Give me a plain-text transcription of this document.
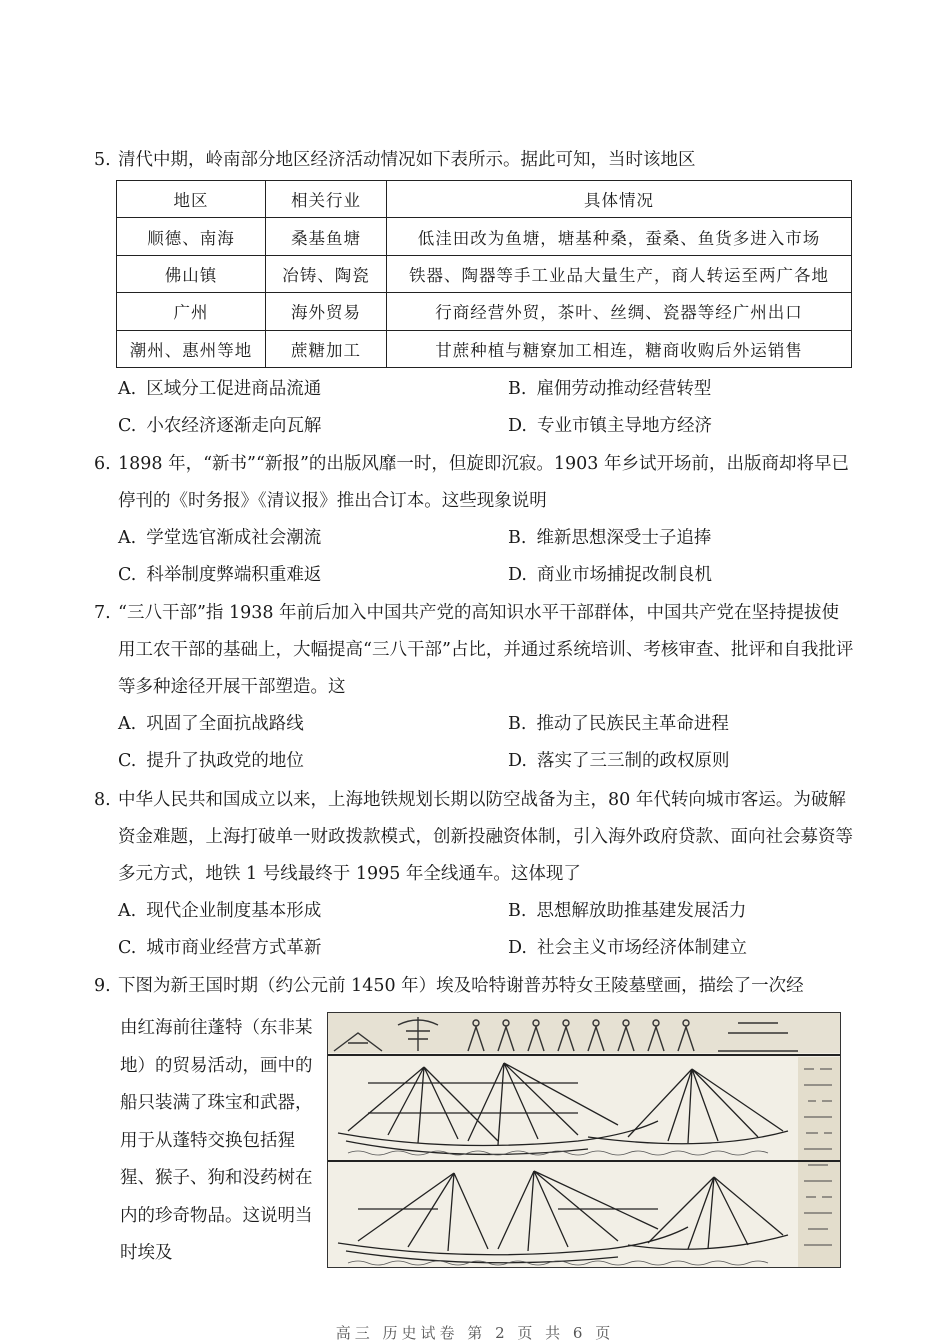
5. 清代中期，岭南部分地区经济活动情况如下表所示。据此可知，当时该地区
地区	相关行业	具体情况
顺德、南海	桑基鱼塘	低洼田改为鱼塘，塘基种桑，蚕桑、鱼货多进入市场
佛山镇	冶铸、陶瓷	铁器、陶器等手工业品大量生产，商人转运至两广各地
广州	海外贸易	行商经营外贸，茶叶、丝绸、瓷器等经广州出口
潮州、惠州等地	蔗糖加工	甘蔗种植与糖寮加工相连，糖商收购后外运销售
A. 区域分工促进商品流通	B. 雇佣劳动推动经营转型
C. 小农经济逐渐走向瓦解	D. 专业市镇主导地方经济
6. 1898 年，“新书”“新报”的出版风靡一时，但旋即沉寂。1903 年乡试开场前，出版商却将早已停刊的《时务报》《清议报》推出合订本。这些现象说明
A. 学堂选官渐成社会潮流	B. 维新思想深受士子追捧
C. 科举制度弊端积重难返	D. 商业市场捕捉改制良机
7. “三八干部”指 1938 年前后加入中国共产党的高知识水平干部群体，中国共产党在坚持提拔使用工农干部的基础上，大幅提高“三八干部”占比，并通过系统培训、考核审查、批评和自我批评等多种途径开展干部塑造。这
A. 巩固了全面抗战路线	B. 推动了民族民主革命进程
C. 提升了执政党的地位	D. 落实了三三制的政权原则
8. 中华人民共和国成立以来，上海地铁规划长期以防空战备为主，80 年代转向城市客运。为破解资金难题，上海打破单一财政拨款模式，创新投融资体制，引入海外政府贷款、面向社会募资等多元方式，地铁 1 号线最终于 1995 年全线通车。这体现了
A. 现代企业制度基本形成	B. 思想解放助推基建发展活力
C. 城市商业经营方式革新	D. 社会主义市场经济体制建立
9. 下图为新王国时期（约公元前 1450 年）埃及哈特谢普苏特女王陵墓壁画，描绘了一次经
由红海前往蓬特（东非某地）的贸易活动，画中的船只装满了珠宝和武器，用于从蓬特交换包括猩猩、猴子、狗和没药树在内的珍奇物品。这说明当时埃及
高三 历史试卷 第 2 页 共 6 页
